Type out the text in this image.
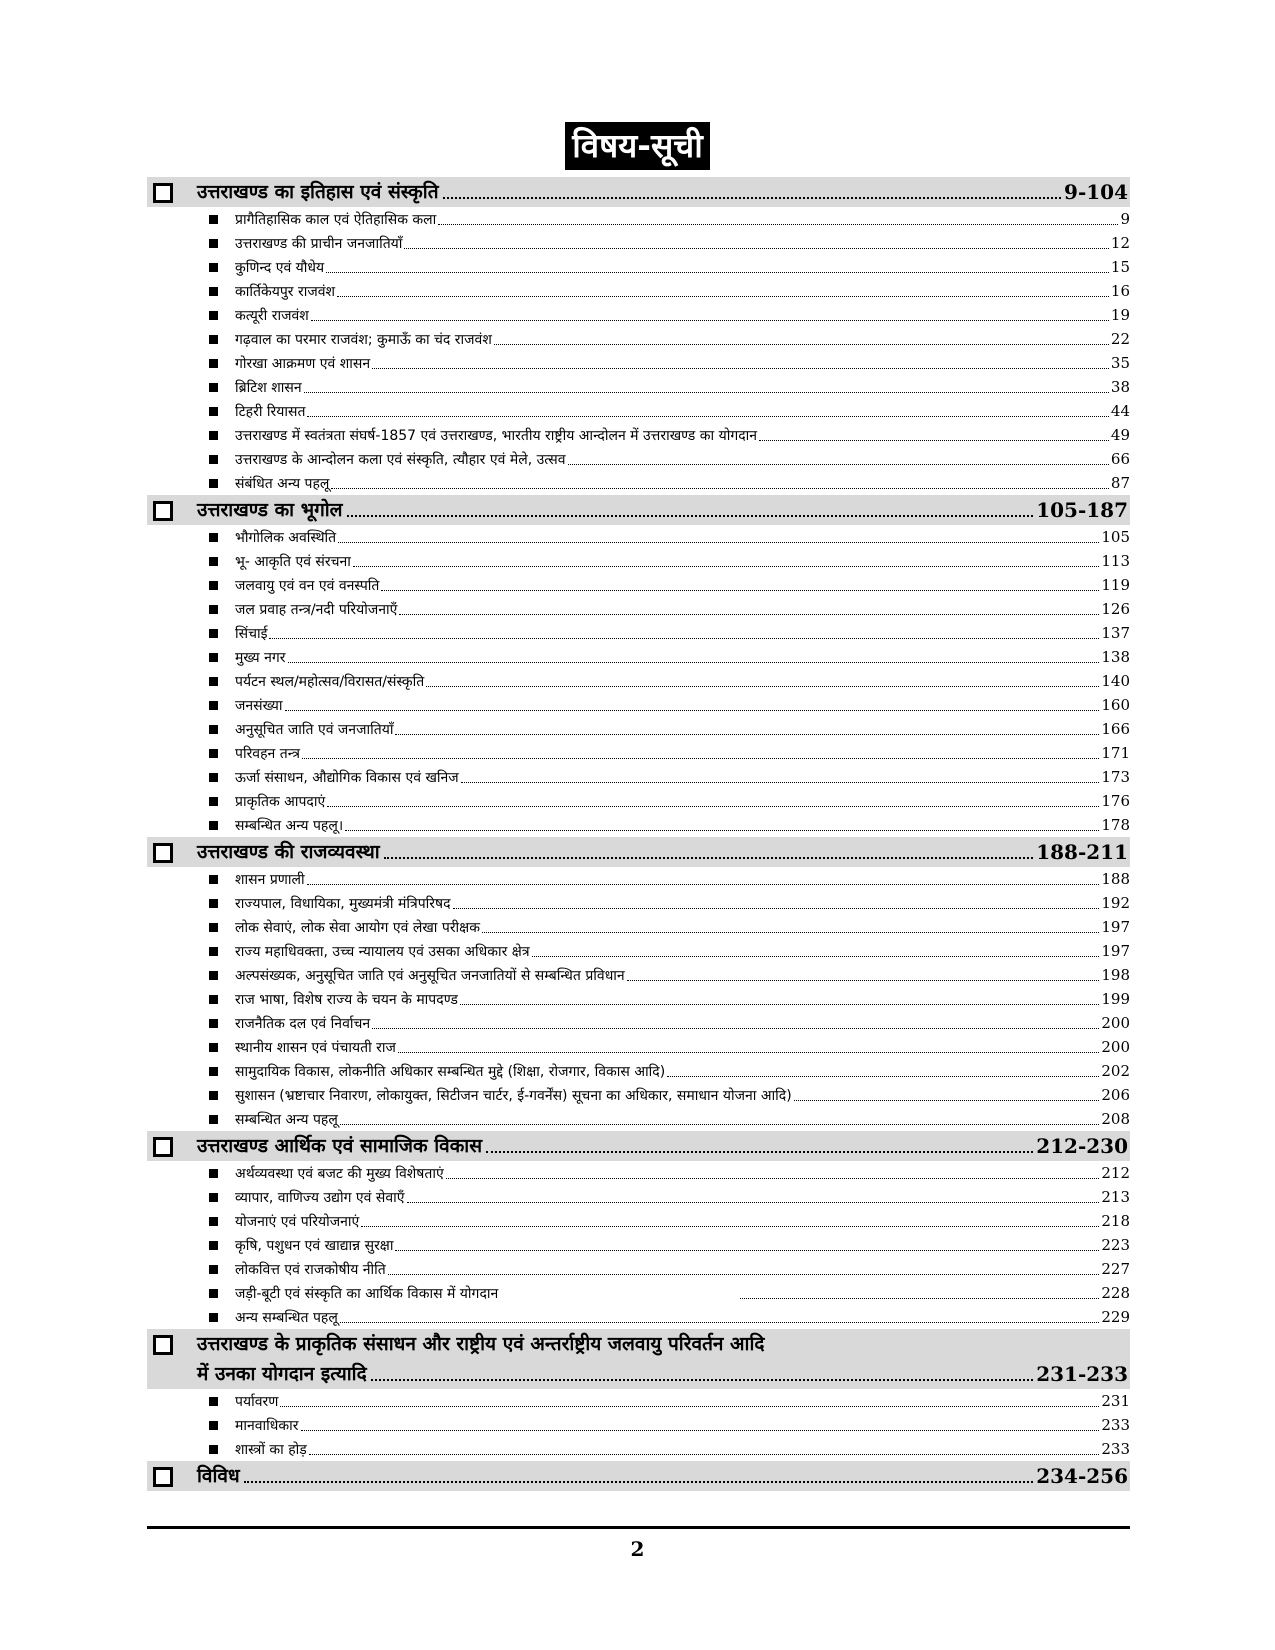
विषय-सूची
उत्तराखण्ड का इतिहास एवं संस्कृति	9-104
प्रागैतिहासिक काल एवं ऐतिहासिक कला	9
उत्तराखण्ड की प्राचीन जनजातियाँ	12
कुणिन्द एवं यौधेय	15
कार्तिकेयपुर राजवंश	16
कत्यूरी राजवंश	19
गढ़वाल का परमार राजवंश; कुमाऊँ का चंद राजवंश	22
गोरखा आक्रमण एवं शासन	35
ब्रिटिश शासन	38
टिहरी रियासत	44
उत्तराखण्ड में स्वतंत्रता संघर्ष-1857 एवं उत्तराखण्ड, भारतीय राष्ट्रीय आन्दोलन में उत्तराखण्ड का योगदान	49
उत्तराखण्ड के आन्दोलन कला एवं संस्कृति, त्यौहार एवं मेले, उत्सव	66
संबंधित अन्य पहलू	87
उत्तराखण्ड का भूगोल	105-187
भौगोलिक अवस्थिति	105
भू- आकृति एवं संरचना	113
जलवायु एवं वन एवं वनस्पति	119
जल प्रवाह तन्त्र/नदी परियोजनाएँ	126
सिंचाई	137
मुख्य नगर	138
पर्यटन स्थल/महोत्सव/विरासत/संस्कृति	140
जनसंख्या	160
अनुसूचित जाति एवं जनजातियाँ	166
परिवहन तन्त्र	171
ऊर्जा संसाधन, औद्योगिक विकास एवं खनिज	173
प्राकृतिक आपदाएं	176
सम्बन्धित अन्य पहलू।	178
उत्तराखण्ड की राजव्यवस्था	188-211
शासन प्रणाली	188
राज्यपाल, विधायिका, मुख्यमंत्री मंत्रिपरिषद	192
लोक सेवाएं, लोक सेवा आयोग एवं लेखा परीक्षक	197
राज्य महाधिवक्ता, उच्च न्यायालय एवं उसका अधिकार क्षेत्र	197
अल्पसंख्यक, अनुसूचित जाति एवं अनुसूचित जनजातियों से सम्बन्धित प्रविधान	198
राज भाषा, विशेष राज्य के चयन के मापदण्ड	199
राजनैतिक दल एवं निर्वाचन	200
स्थानीय शासन एवं पंचायती राज	200
सामुदायिक विकास, लोकनीति अधिकार सम्बन्धित मुद्दे (शिक्षा, रोजगार, विकास आदि)	202
सुशासन (भ्रष्टाचार निवारण, लोकायुक्त, सिटीजन चार्टर, ई-गवर्नेंस) सूचना का अधिकार, समाधान योजना आदि)	206
सम्बन्धित अन्य पहलू	208
उत्तराखण्ड आर्थिक एवं सामाजिक विकास	212-230
अर्थव्यवस्था एवं बजट की मुख्य विशेषताएं	212
व्यापार, वाणिज्य उद्योग एवं सेवाएँ	213
योजनाएं एवं परियोजनाएं	218
कृषि, पशुधन एवं खाद्यान्न सुरक्षा	223
लोकवित्त एवं राजकोषीय नीति	227
जड़ी-बूटी एवं संस्कृति का आर्थिक विकास में योगदान	228
अन्य सम्बन्धित पहलू	229
उत्तराखण्ड के प्राकृतिक संसाधन और राष्ट्रीय एवं अन्तर्राष्ट्रीय जलवायु परिवर्तन आदि
में उनका योगदान इत्यादि	231-233
पर्यावरण	231
मानवाधिकार	233
शास्त्रों का होड़	233
विविध	234-256
2
